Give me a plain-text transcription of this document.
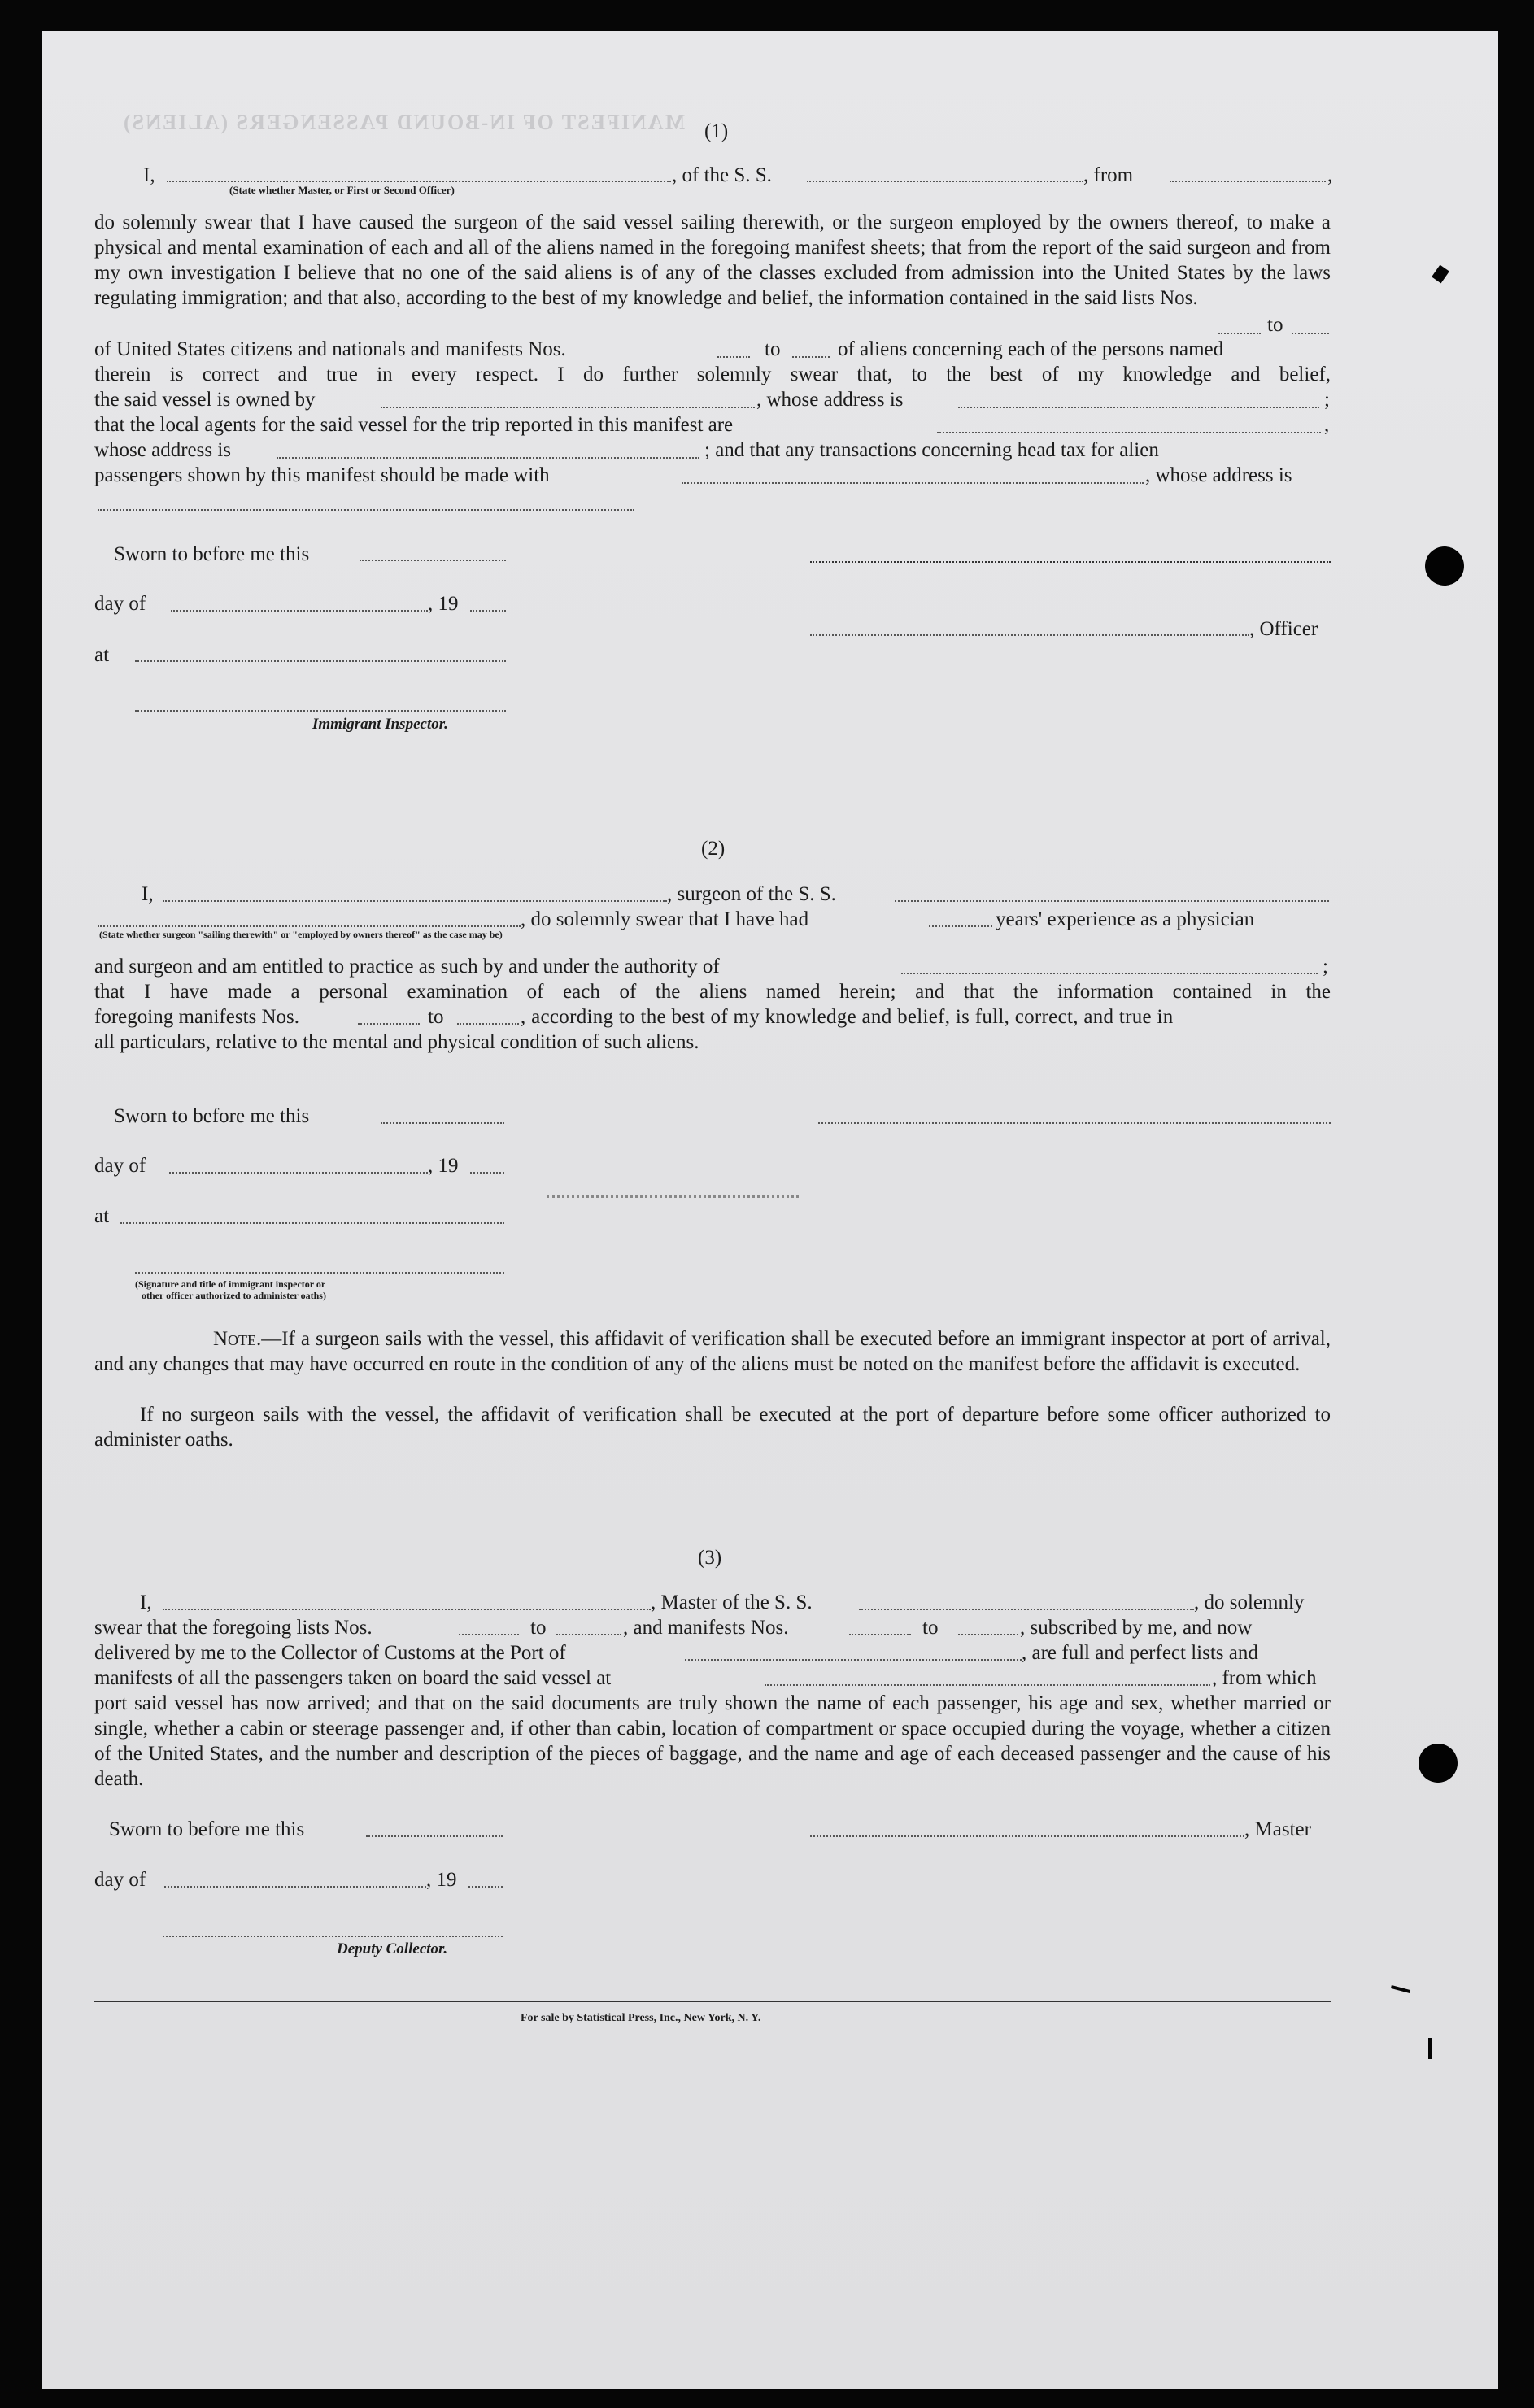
MANIFEST OF IN-BOUND PASSENGERS (ALIENS) (1)
I,	, of the S. S.	, from	,
(State whether Master, or First or Second Officer)
do solemnly swear that I have caused the surgeon of the said vessel sailing therewith, or the surgeon employed by the owners thereof, to make a physical and mental examination of each and all of the aliens named in the foregoing manifest sheets; that from the report of the said surgeon and from my own investigation I believe that no one of the said aliens is of any of the classes excluded from admission into the United States by the laws regulating immigration; and that also, according to the best of my knowledge and belief, the information contained in the said lists Nos.
to
of United States citizens and nationals and manifests Nos.	to	of aliens concerning each of the persons named
therein is correct and true in every respect. I do further solemnly swear that, to the best of my knowledge and belief,
the said vessel is owned by	, whose address is	;
that the local agents for the said vessel for the trip reported in this manifest are	,
whose address is	; and that any transactions concerning head tax for alien
passengers shown by this manifest should be made with	, whose address is
Sworn to before me this
day of	, 19
, Officer
at
Immigrant Inspector.
(2)
I,	, surgeon of the S. S.
, do solemnly swear that I have had	years' experience as a physician
(State whether surgeon "sailing therewith" or "employed by owners thereof" as the case may be)
and surgeon and am entitled to practice as such by and under the authority of	;
that I have made a personal examination of each of the aliens named herein; and that the information contained in the
foregoing manifests Nos.	to	, according to the best of my knowledge and belief, is full, correct, and true in
all particulars, relative to the mental and physical condition of such aliens.
Sworn to before me this
day of	, 19
at
(Signature and title of immigrant inspector or
other officer authorized to administer oaths)
Note.—If a surgeon sails with the vessel, this affidavit of verification shall be executed before an immigrant inspector at port of arrival, and any changes that may have occurred en route in the condition of any of the aliens must be noted on the manifest before the affidavit is executed.
If no surgeon sails with the vessel, the affidavit of verification shall be executed at the port of departure before some officer authorized to administer oaths.
(3)
I,	, Master of the S. S.	, do solemnly
swear that the foregoing lists Nos.	to	, and manifests Nos.	to	, subscribed by me, and now
delivered by me to the Collector of Customs at the Port of	, are full and perfect lists and
manifests of all the passengers taken on board the said vessel at	, from which
port said vessel has now arrived; and that on the said documents are truly shown the name of each passenger, his age and sex, whether married or single, whether a cabin or steerage passenger and, if other than cabin, location of compartment or space occupied during the voyage, whether a citizen of the United States, and the number and description of the pieces of baggage, and the name and age of each deceased passenger and the cause of his death.
Sworn to before me this	, Master
day of	, 19
Deputy Collector.
For sale by Statistical Press, Inc., New York, N. Y.
